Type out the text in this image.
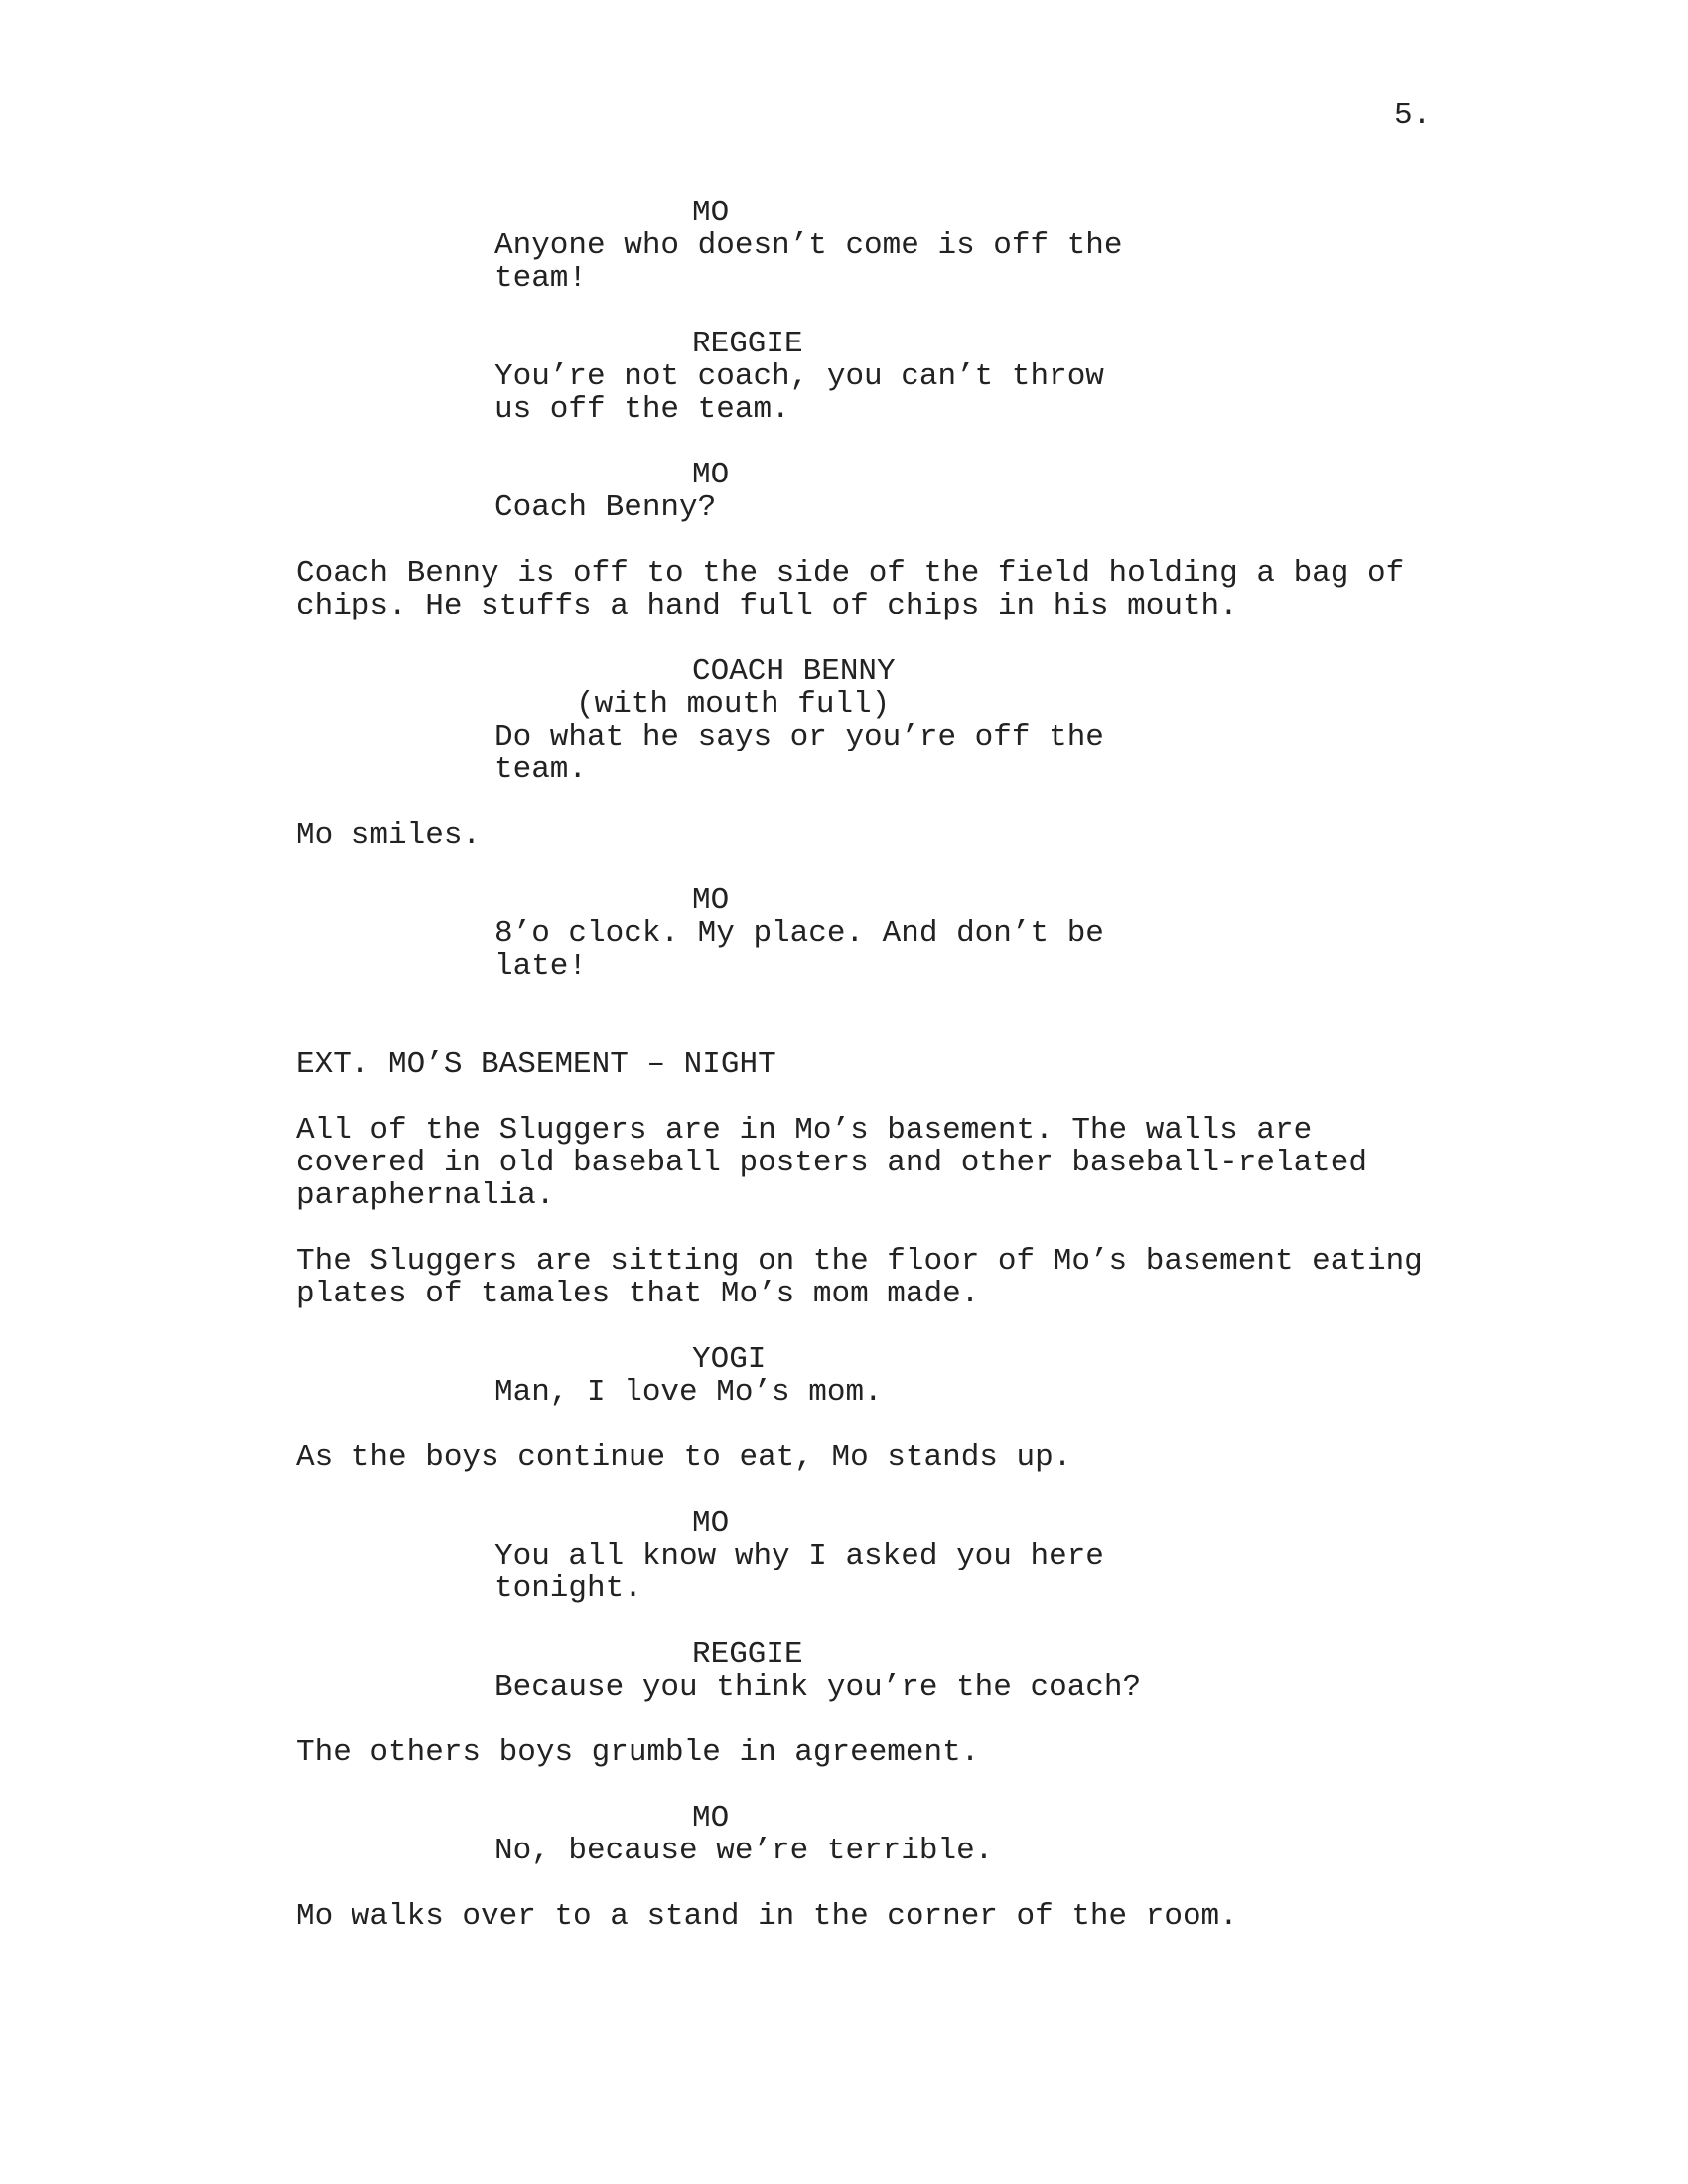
5.
MO
Anyone who doesn’t come is off the
team!
REGGIE
You’re not coach, you can’t throw
us off the team.
MO
Coach Benny?
Coach Benny is off to the side of the field holding a bag of
chips. He stuffs a hand full of chips in his mouth.
COACH BENNY
(with mouth full)
Do what he says or you’re off the
team.
Mo smiles.
MO
8’o clock. My place. And don’t be
late!
EXT. MO’S BASEMENT – NIGHT
All of the Sluggers are in Mo’s basement. The walls are
covered in old baseball posters and other baseball-related
paraphernalia.
The Sluggers are sitting on the floor of Mo’s basement eating
plates of tamales that Mo’s mom made.
YOGI
Man, I love Mo’s mom.
As the boys continue to eat, Mo stands up.
MO
You all know why I asked you here
tonight.
REGGIE
Because you think you’re the coach?
The others boys grumble in agreement.
MO
No, because we’re terrible.
Mo walks over to a stand in the corner of the room.
